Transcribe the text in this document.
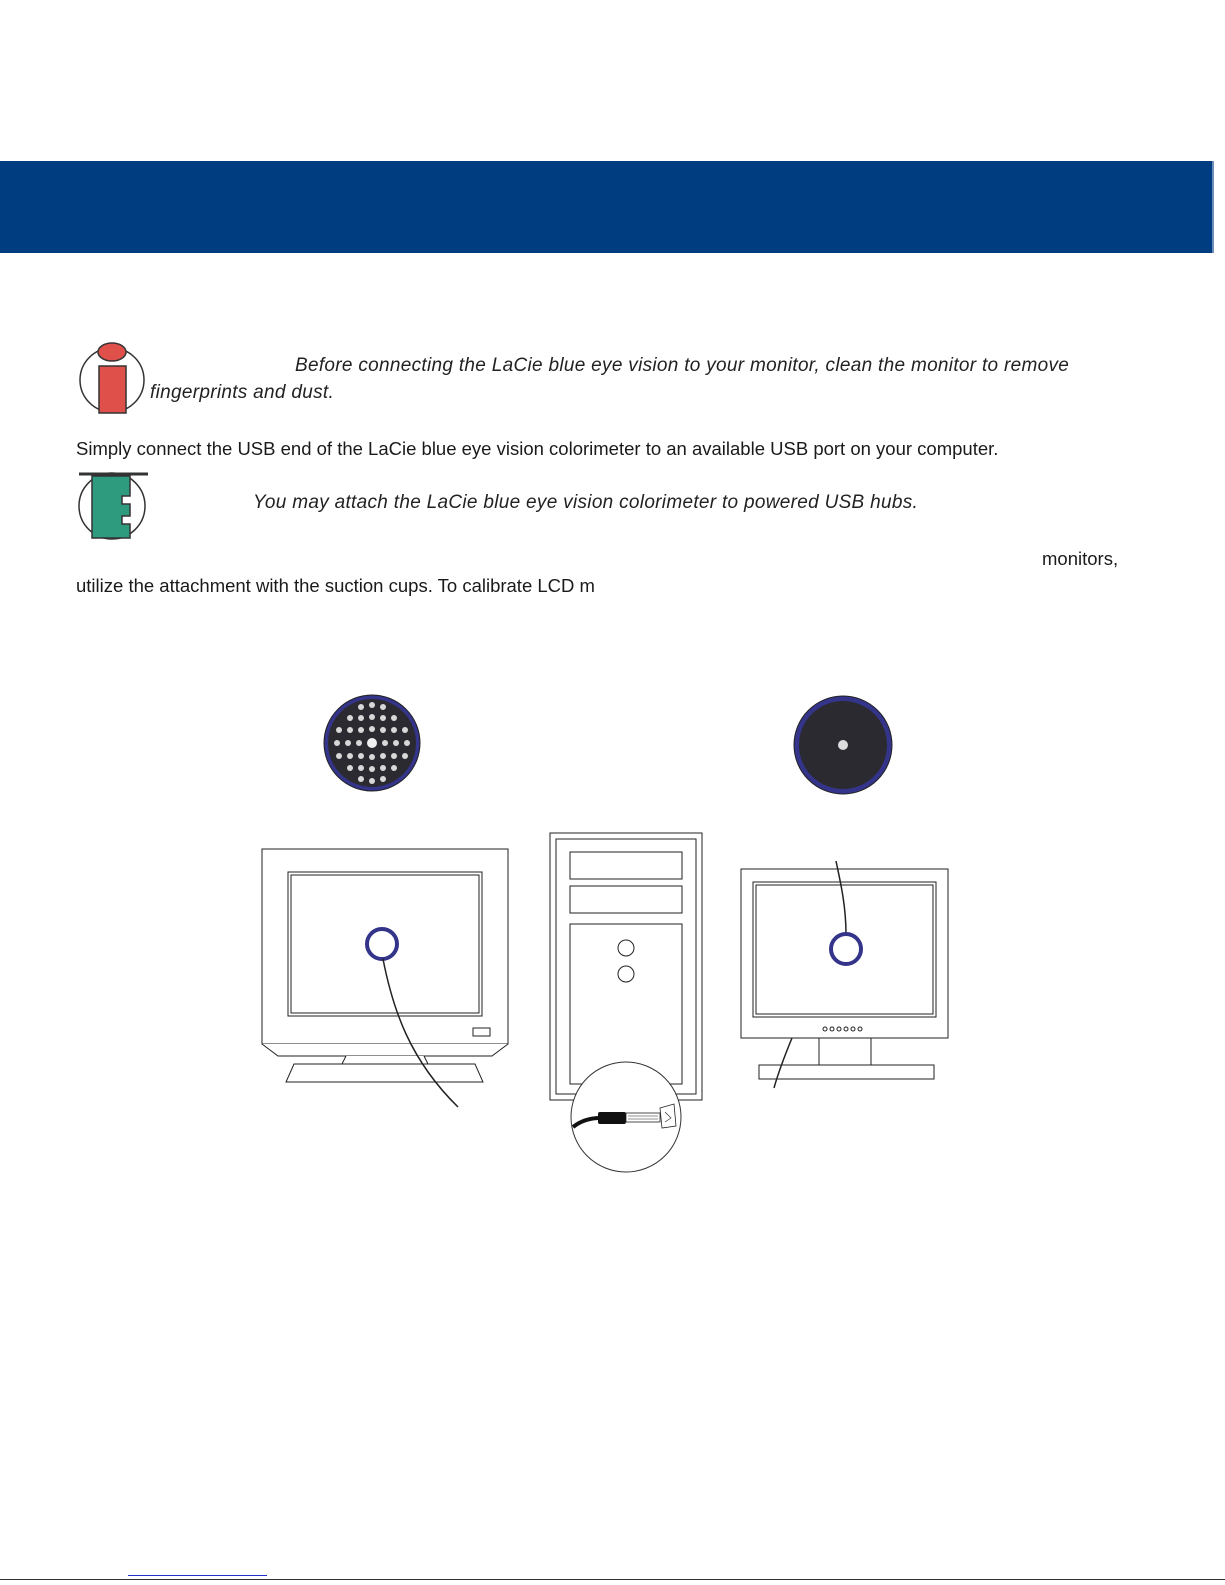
Before connecting the LaCie blue eye vision to your monitor, clean the monitor to remove
fingerprints and dust.
Simply connect the USB end of the LaCie blue eye vision colorimeter to an available USB port on your computer.
You may attach the LaCie blue eye vision colorimeter to powered USB hubs.
monitors,
utilize the attachment with the suction cups. To calibrate LCD m
